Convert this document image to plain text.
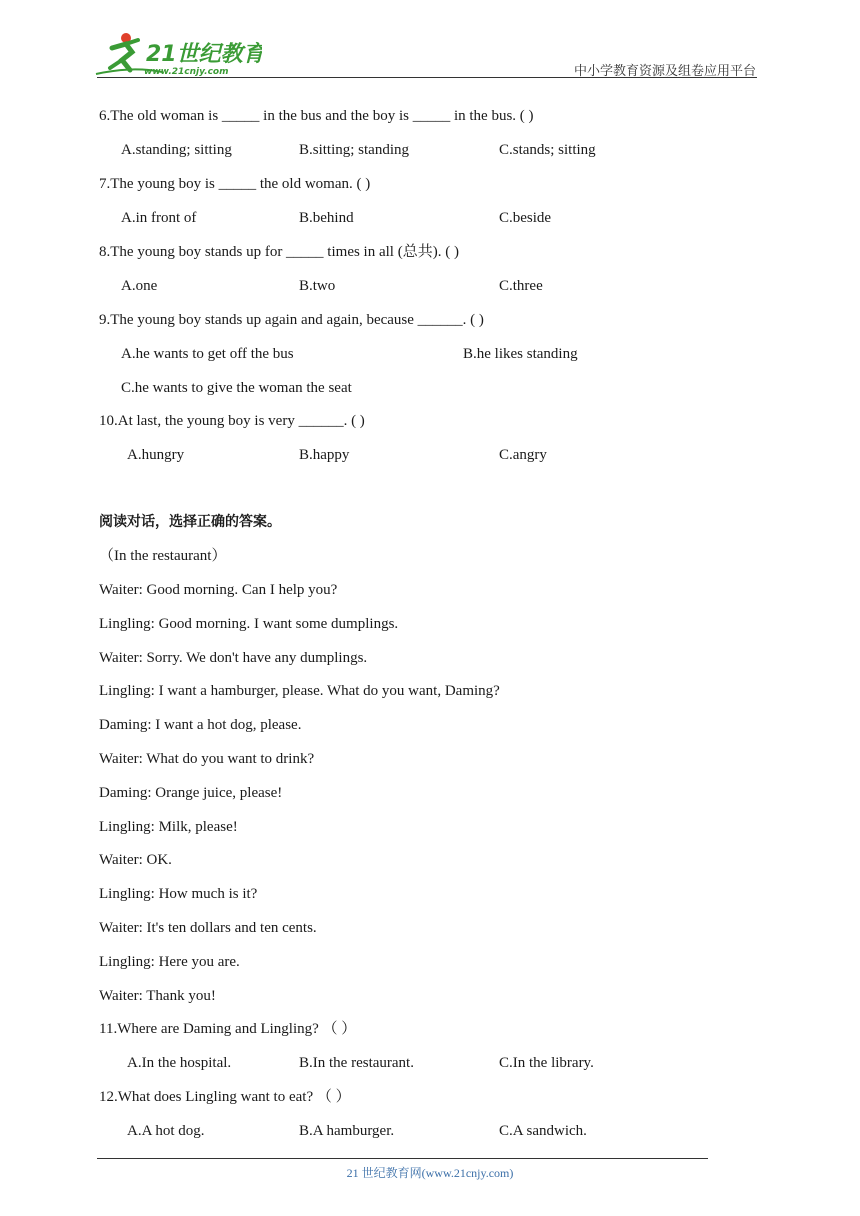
21世纪教育
www.21cnjy.com	中小学教育资源及组卷应用平台
6.The old woman is _____ in the bus and the boy is _____ in the bus. ( )
A.standing; sitting	B.sitting; standing	C.stands; sitting
7.The young boy is _____ the old woman. ( )
A.in front of	B.behind	C.beside
8.The young boy stands up for _____ times in all (总共). ( )
A.one	B.two	C.three
9.The young boy stands up again and again, because ______. ( )
A.he wants to get off the bus	B.he likes standing
C.he wants to give the woman the seat
10.At last, the young boy is very ______. ( )
A.hungry	B.happy	C.angry
阅读对话，选择正确的答案。
（In the restaurant）
Waiter: Good morning. Can I help you?
Lingling: Good morning. I want some dumplings.
Waiter: Sorry. We don't have any dumplings.
Lingling: I want a hamburger, please. What do you want, Daming?
Daming: I want a hot dog, please.
Waiter: What do you want to drink?
Daming: Orange juice, please!
Lingling: Milk, please!
Waiter: OK.
Lingling: How much is it?
Waiter: It's ten dollars and ten cents.
Lingling: Here you are.
Waiter: Thank you!
11.Where are Daming and Lingling? （ ）
A.In the hospital.	B.In the restaurant.	C.In the library.
12.What does Lingling want to eat? （ ）
A.A hot dog.	B.A hamburger.	C.A sandwich.
21 世纪教育网(www.21cnjy.com)
